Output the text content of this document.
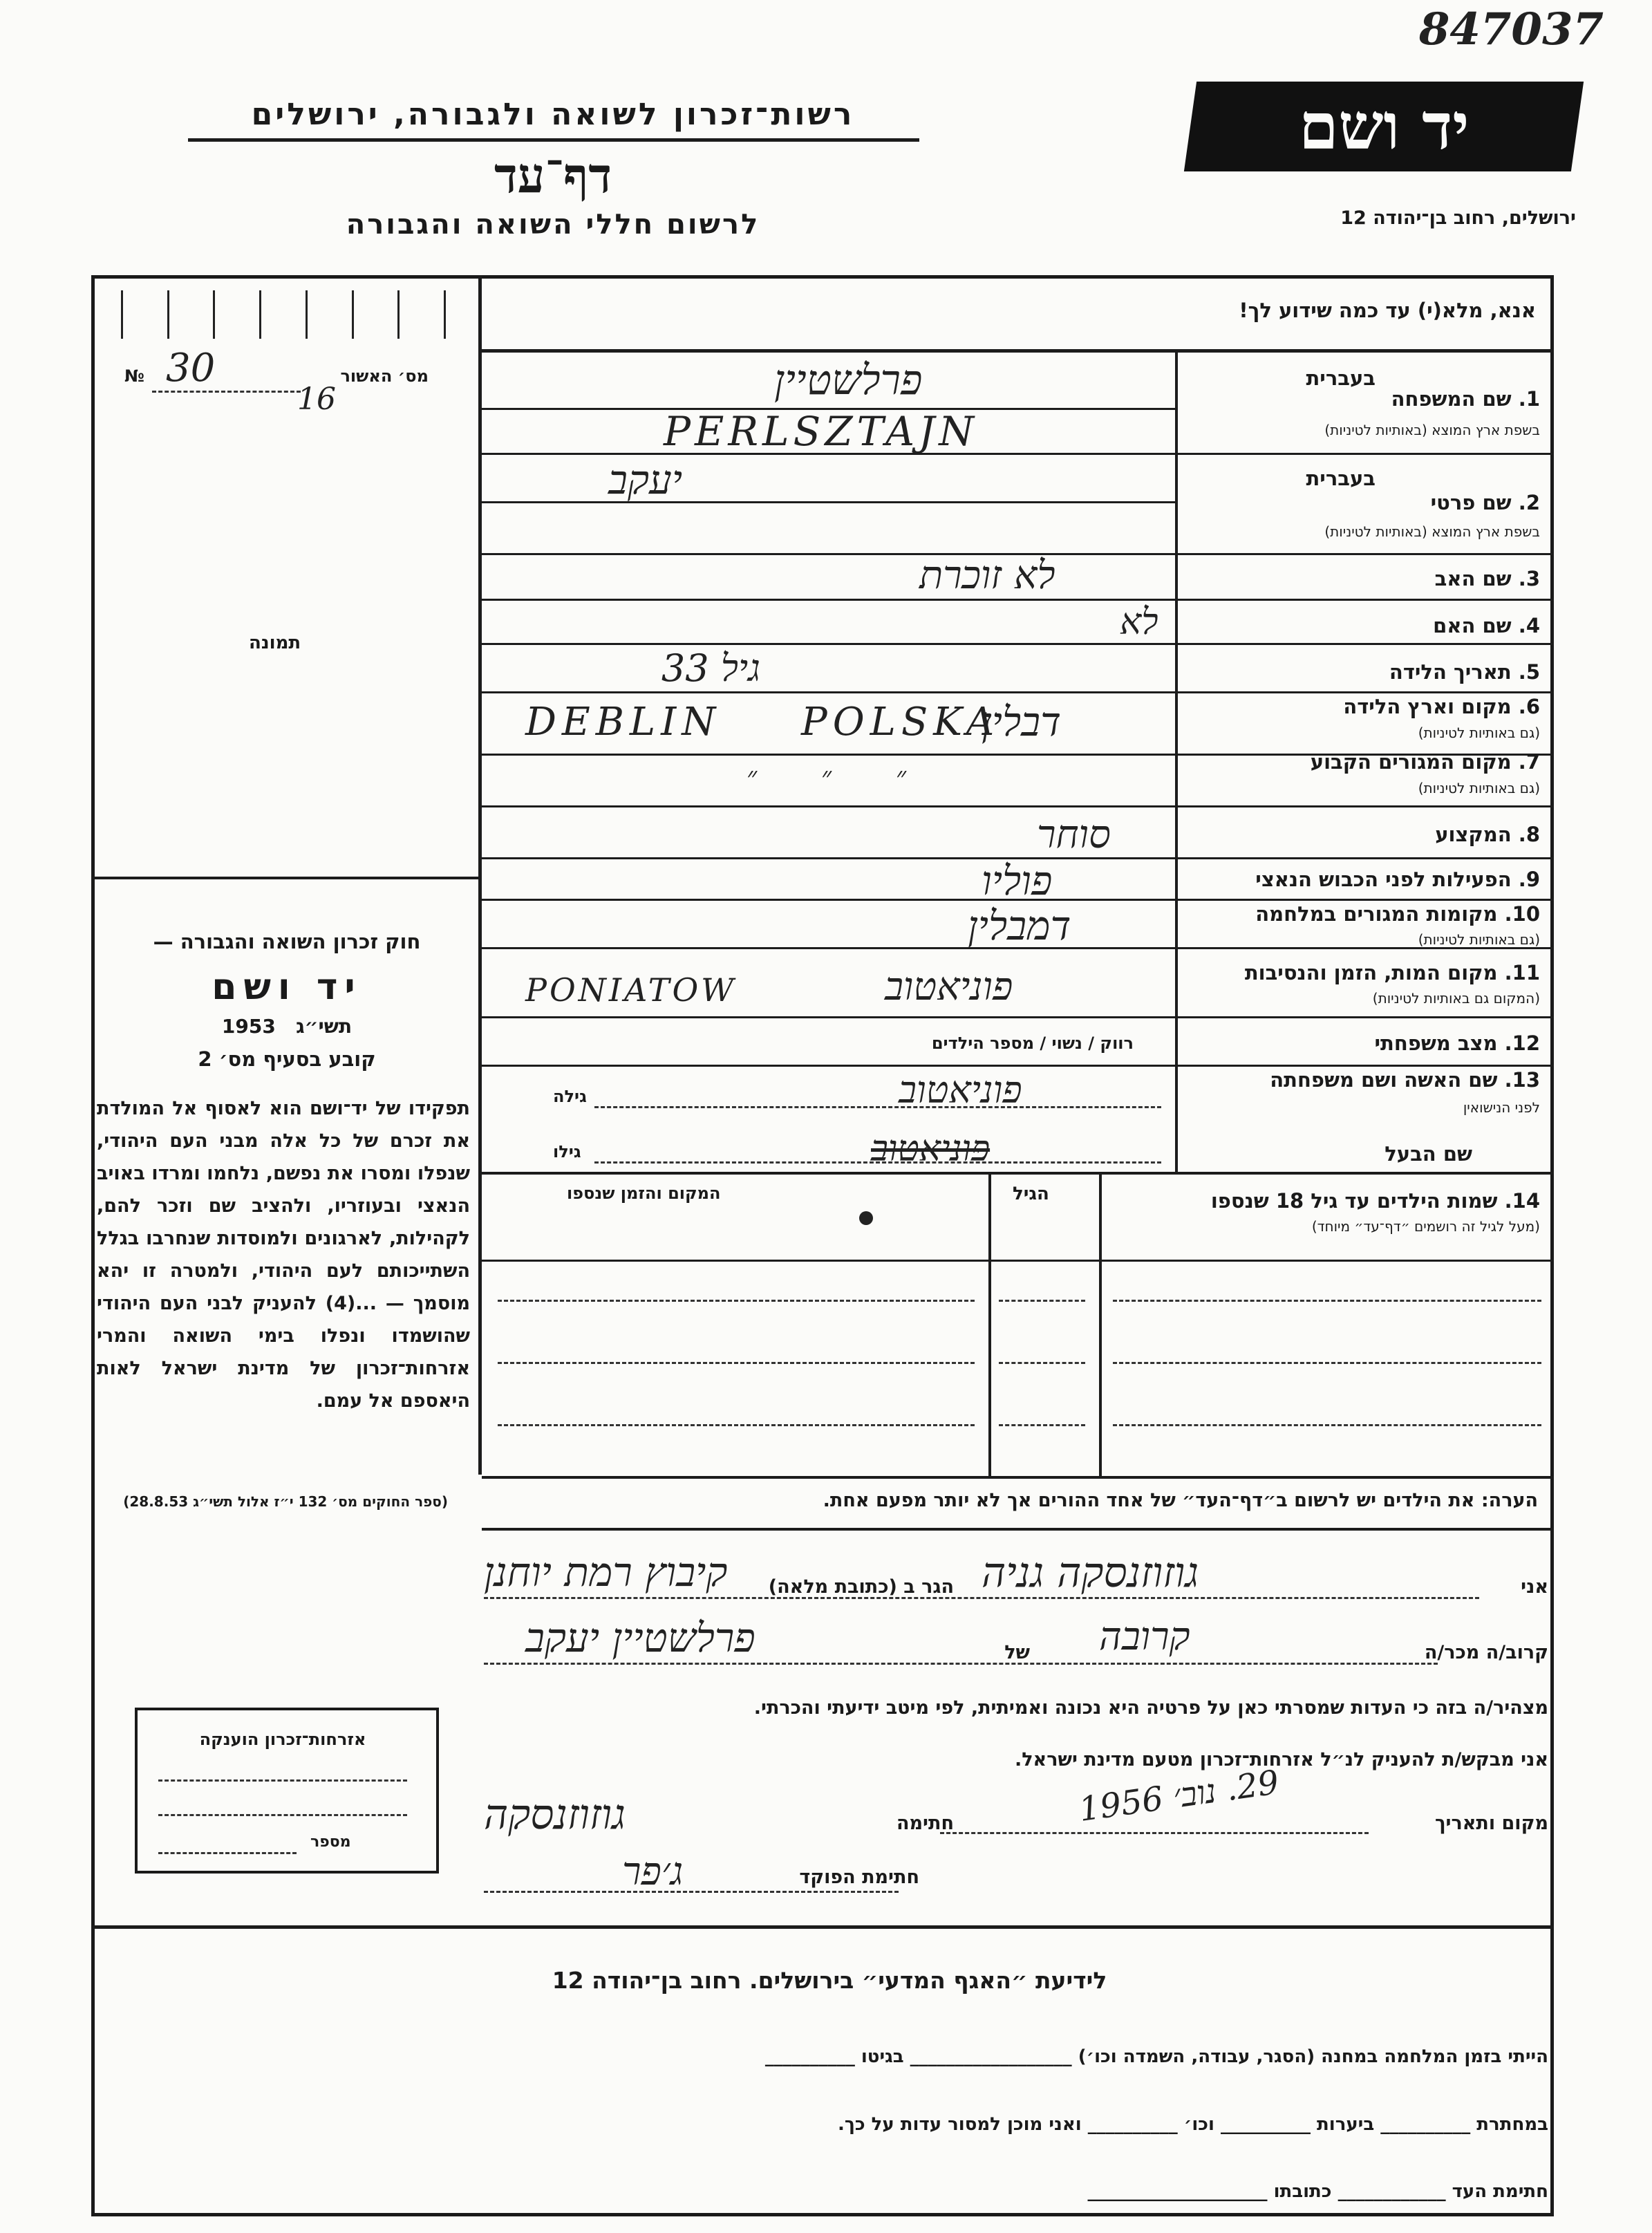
847037
יד ושם
ירושלים, רחוב בן־יהודה 12
רשות־זכרון לשואה ולגבורה, ירושלים
דף־עד
לרשום חללי השואה והגבורה
מס׳ האשור
№ 30
16
תמונה
חוק זכרון השואה והגבורה —
יד ושם
תשי״ג   1953
קובע בסעיף מס׳ 2
תפקידו של יד־ושם הוא לאסוף אל המולדת את זכרם של כל אלה מבני העם היהודי, שנפלו ומסרו את נפשם, נלחמו ומרדו באויב הנאצי ובעוזריו, ולהציב שם וזכר להם, לקהילות, לארגונים ולמוסדות שנחרבו בגלל השתייכותם לעם היהודי, ולמטרה זו יהא מוסמך — ...(4) להעניק לבני העם היהודי שהושמדו ונפלו בימי השואה והמרי אזרחות־זכרון של מדינת ישראל לאות היאספם אל עמם.
(ספר החוקים מס׳ 132 י״ז אלול תשי״ג 28.8.53)
אנא, מלא(י) עד כמה שידוע לך!
1. שם המשפחה
בעברית
בשפת ארץ המוצא (באותיות לטיניות)
פרלשטיין
PERLSZTAJN
2. שם פרטי
בעברית
בשפת ארץ המוצא (באותיות לטיניות)
יעקב
3. שם האב
לא זוכרת
4. שם האם
לא
5. תאריך הלידה
גיל 33
6. מקום וארץ הלידה
(גם באותיות לטיניות)
דבלין
DEBLIN POLSKA
7. מקום המגורים הקבוע
(גם באותיות לטיניות)
״ ״ ״
8. המקצוע
סוחר
9. הפעילות לפני הכבוש הנאצי
פוליו
10. מקומות המגורים במלחמה
(גם באותיות לטיניות)
דמבלין
11. מקום המות, הזמן והנסיבות
(המקום גם באותיות לטיניות)
פוניאטוב
PONIATOW
12. מצב משפחתי
רווק / נשוי / מספר הילדים
13. שם האשה ושם משפחתה
לפני הנישואין
פוניאטוב
גילה
שם הבעל
פוניאטוב
גילו
14. שמות הילדים עד גיל 18 שנספו
(מעל לגיל זה רושמים ״דף־עד״ מיוחד)
הגיל
המקום והזמן שנספו
הערה: את הילדים יש לרשום ב״דף־העד״ של אחד ההורים אך לא יותר מפעם אחת.
אני
גוזוזנסקה גניה
הגר ב (כתובת מלאה)
קיבוץ רמת יוחנן
קרוב/ה מכר/ה
קרובה
של
פרלשטיין יעקב
מצהיר/ה בזה כי העדות שמסרתי כאן על פרטיה היא נכונה ואמיתית, לפי מיטב ידיעתי והכרתי.
אני מבקש/ת להעניק לנ״ל אזרחות־זכרון מטעם מדינת ישראל.
מקום ותאריך
29. נוב׳ 1956
חתימה
גוזוזנסקה
חתימת הפוקד
ג׳פר
אזרחות־זכרון הוענקה
מספר
לידיעת ״האגף המדעי״ בירושלים. רחוב בן־יהודה 12
הייתי בזמן המלחמה במחנה (הסגר, עבודה, השמדה וכו׳) __________________ בגיטו __________
במחתרת __________ ביערות __________ וכו׳ __________ ואני מוכן למסור עדות על כך.
חתימת העד ____________ כתובתו ____________________
